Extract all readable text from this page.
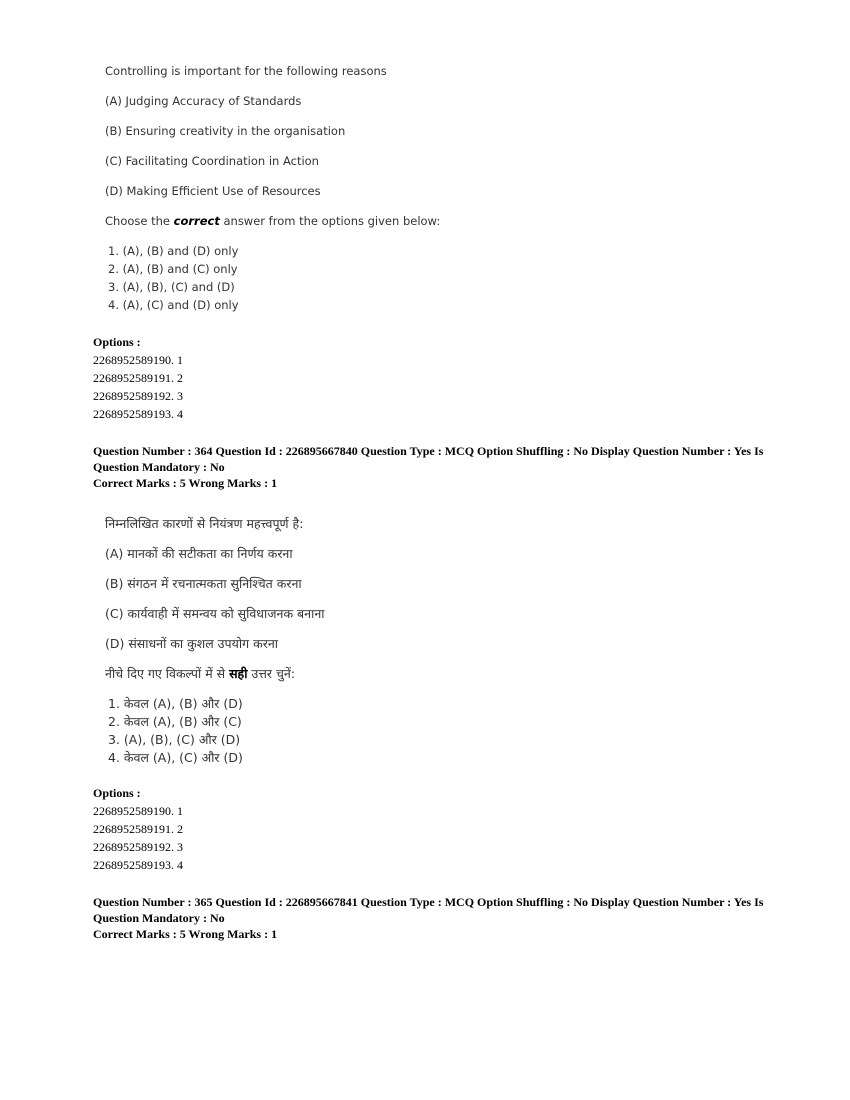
Controlling is important for the following reasons
(A) Judging Accuracy of Standards
(B) Ensuring creativity in the organisation
(C) Facilitating Coordination in Action
(D) Making Efficient Use of Resources
Choose the correct answer from the options given below:
1. (A), (B) and (D) only
2. (A), (B) and (C) only
3. (A), (B), (C) and (D)
4. (A), (C) and (D) only
Options :
2268952589190. 1
2268952589191. 2
2268952589192. 3
2268952589193. 4
Question Number : 364 Question Id : 226895667840 Question Type : MCQ Option Shuffling : No Display Question Number : Yes Is Question Mandatory : No
Correct Marks : 5 Wrong Marks : 1
निम्नलिखित कारणों से नियंत्रण महत्त्वपूर्ण है:
(A) मानकों की सटीकता का निर्णय करना
(B) संगठन में रचनात्मकता सुनिश्चित करना
(C) कार्यवाही में समन्वय को सुविधाजनक बनाना
(D) संसाधनों का कुशल उपयोग करना
नीचे दिए गए विकल्पों में से सही उत्तर चुनें:
1. केवल (A), (B) और (D)
2. केवल (A), (B) और (C)
3. (A), (B), (C) और (D)
4. केवल (A), (C) और (D)
Options :
2268952589190. 1
2268952589191. 2
2268952589192. 3
2268952589193. 4
Question Number : 365 Question Id : 226895667841 Question Type : MCQ Option Shuffling : No Display Question Number : Yes Is Question Mandatory : No
Correct Marks : 5 Wrong Marks : 1
